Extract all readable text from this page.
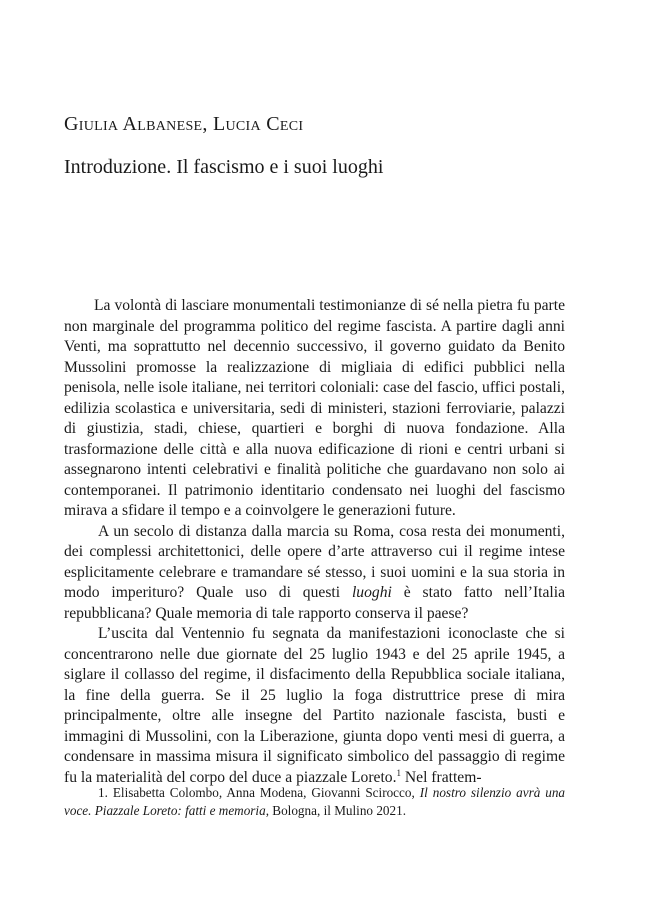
Giulia Albanese, Lucia Ceci
Introduzione. Il fascismo e i suoi luoghi

La volontà di lasciare monumentali testimonianze di sé nella pietra fu parte non marginale del programma politico del regime fascista. A partire dagli anni Venti, ma soprattutto nel decennio successivo, il governo guidato da Benito Mussolini promosse la realizzazione di migliaia di edifici pubblici nella penisola, nelle isole italiane, nei territori coloniali: case del fascio, uffici postali, edilizia scolastica e universitaria, sedi di ministeri, stazioni ferroviarie, palazzi di giustizia, stadi, chiese, quartieri e borghi di nuova fondazione. Alla trasformazione delle città e alla nuova edificazione di rioni e centri urbani si assegnarono intenti celebrativi e finalità politiche che guardavano non solo ai contemporanei. Il patrimonio identitario condensato nei luoghi del fascismo mirava a sfidare il tempo e a coinvolgere le generazioni future.

A un secolo di distanza dalla marcia su Roma, cosa resta dei monumenti, dei complessi architettonici, delle opere d’arte attraverso cui il regime intese esplicitamente celebrare e tramandare sé stesso, i suoi uomini e la sua storia in modo imperituro? Quale uso di questi luoghi è stato fatto nell’Italia repubblicana? Quale memoria di tale rapporto conserva il paese?

L’uscita dal Ventennio fu segnata da manifestazioni iconoclaste che si concentrarono nelle due giornate del 25 luglio 1943 e del 25 aprile 1945, a siglare il collasso del regime, il disfacimento della Repubblica sociale italiana, la fine della guerra. Se il 25 luglio la foga distruttrice prese di mira principalmente, oltre alle insegne del Partito nazionale fascista, busti e immagini di Mussolini, con la Liberazione, giunta dopo venti mesi di guerra, a condensare in massima misura il significato simbolico del passaggio di regime fu la materialità del corpo del duce a piazzale Loreto.$^1$ Nel frattem-

1. Elisabetta Colombo, Anna Modena, Giovanni Scirocco, Il nostro silenzio avrà una voce. Piazzale Loreto: fatti e memoria, Bologna, il Mulino 2021.
